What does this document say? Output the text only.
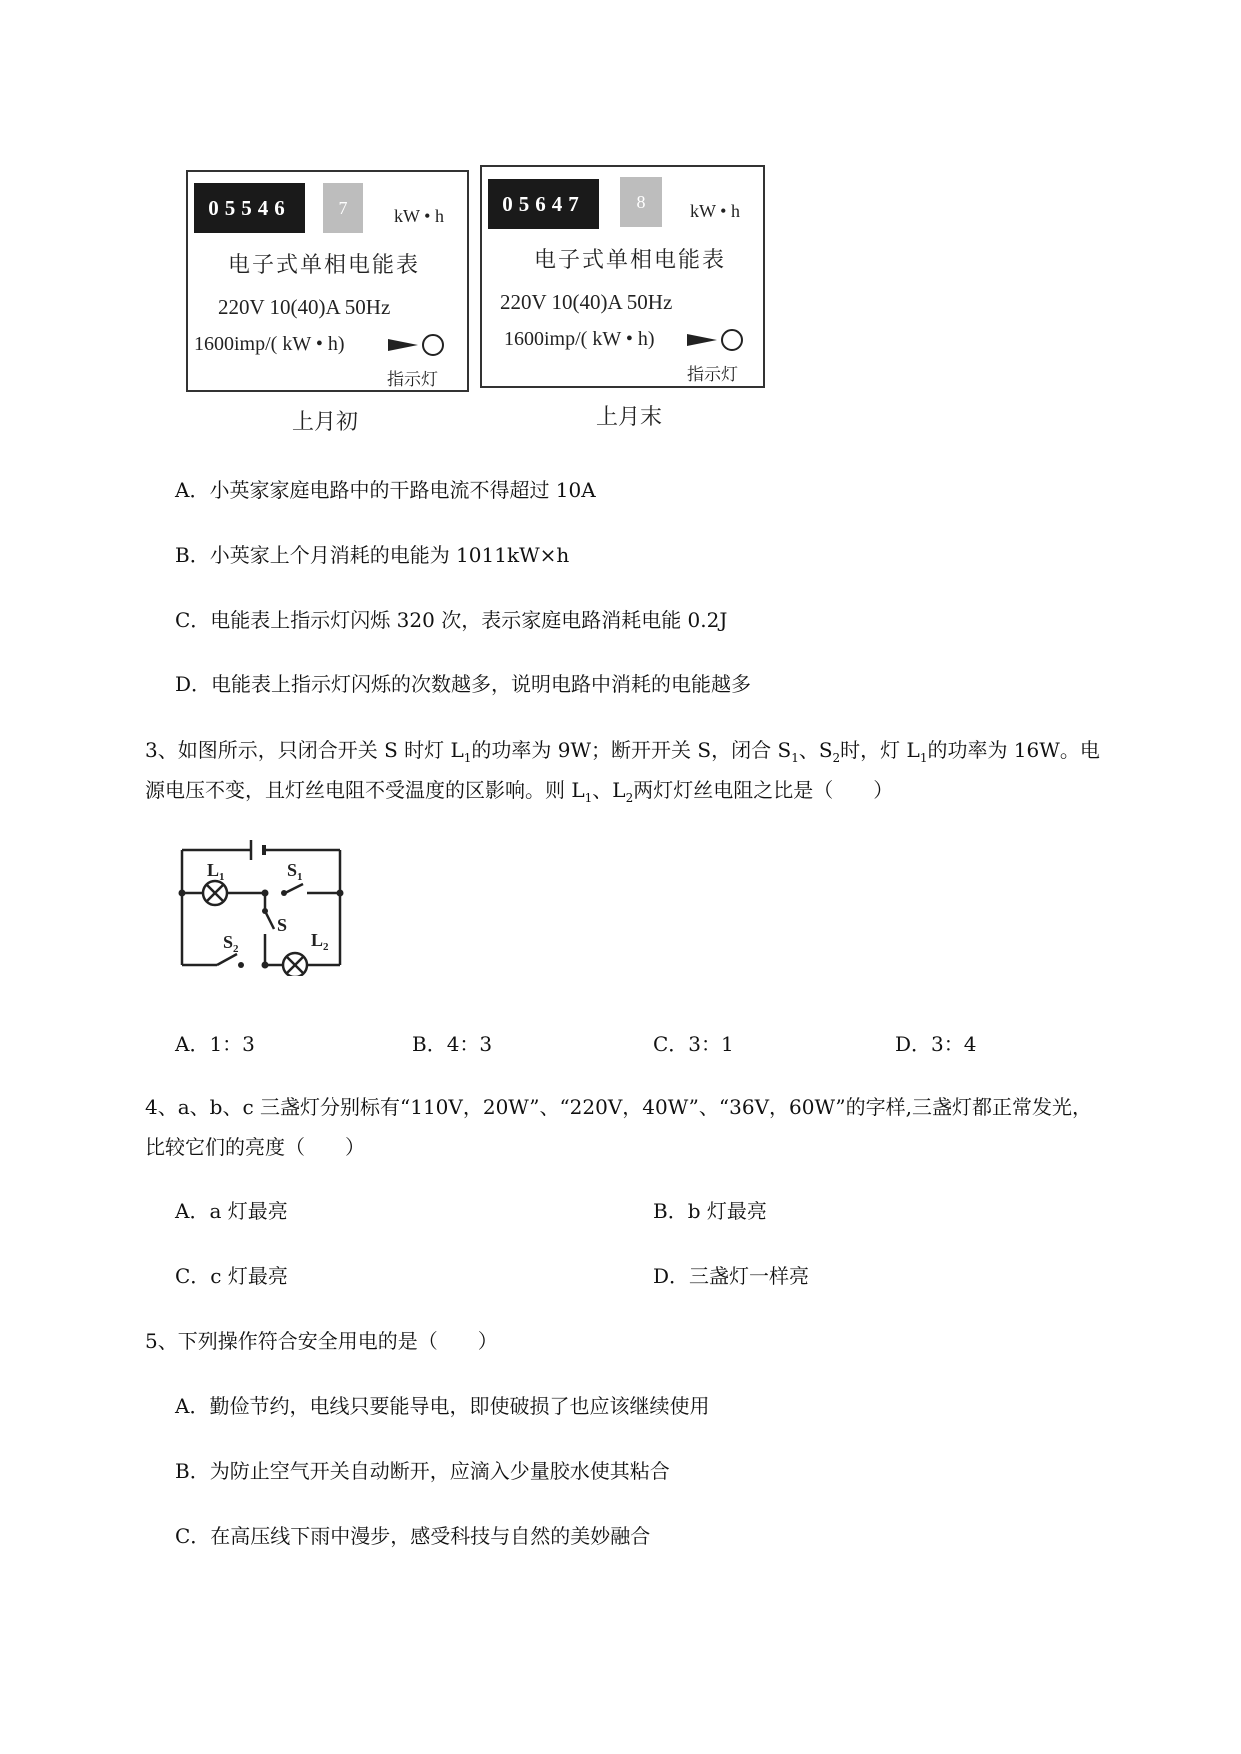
05546	7	kW • h
电子式单相电能表
220V 10(40)A 50Hz
1600imp/( kW • h)
指示灯
上月初
05647	8	kW • h
电子式单相电能表
220V 10(40)A 50Hz
1600imp/( kW • h)
指示灯
上月末
A．小英家家庭电路中的干路电流不得超过 10A
B．小英家上个月消耗的电能为 1011kW×h
C．电能表上指示灯闪烁 320 次，表示家庭电路消耗电能 0.2J
D．电能表上指示灯闪烁的次数越多，说明电路中消耗的电能越多
3、如图所示，只闭合开关 S 时灯 $L_1$的功率为 9W；断开开关 S，闭合 $S_1$、$S_2$时，灯 $L_1$的功率为 16W。电
源电压不变，且灯丝电阻不受温度的区影响。则 $L_1$、$L_2$两灯灯丝电阻之比是（　　）
$L_1$	$S_1$
S
$S_2$	$L_2$
A．1：3	B．4：3	C．3：1	D．3：4
4、a、b、c 三盏灯分别标有“110V，20W”、“220V，40W”、“36V，60W”的字样,三盏灯都正常发光，
比较它们的亮度（　　）
A．a 灯最亮	B．b 灯最亮
C．c 灯最亮	D．三盏灯一样亮
5、下列操作符合安全用电的是（　　）
A．勤俭节约，电线只要能导电，即使破损了也应该继续使用
B．为防止空气开关自动断开，应滴入少量胶水使其粘合
C．在高压线下雨中漫步，感受科技与自然的美妙融合
